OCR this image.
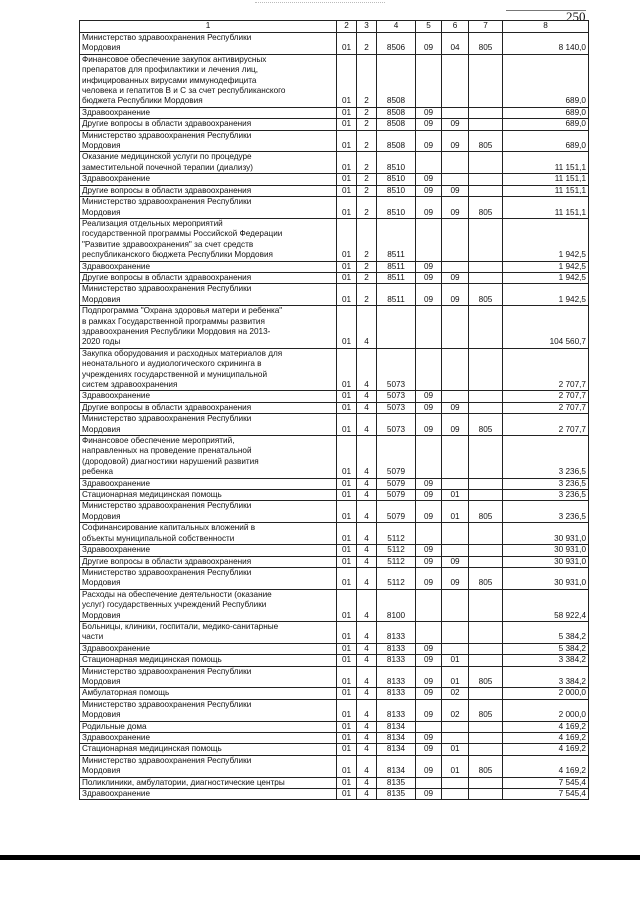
250
1	2	3	4	5	6	7	8
Министерство здравоохранения Республики
Мордовия	01	2	8506	09	04	805	8 140,0
Финансовое обеспечение закупок антивирусных
препаратов для профилактики и лечения лиц,
инфицированных вирусами иммунодефицита
человека и гепатитов В и С за счет республиканского
бюджета Республики Мордовия	01	2	8508				689,0
Здравоохранение	01	2	8508	09			689,0
Другие вопросы в области здравоохранения	01	2	8508	09	09		689,0
Министерство здравоохранения Республики
Мордовия	01	2	8508	09	09	805	689,0
Оказание медицинской услуги по процедуре
заместительной почечной терапии (диализу)	01	2	8510				11 151,1
Здравоохранение	01	2	8510	09			11 151,1
Другие вопросы в области здравоохранения	01	2	8510	09	09		11 151,1
Министерство здравоохранения Республики
Мордовия	01	2	8510	09	09	805	11 151,1
Реализация отдельных мероприятий
государственной программы Российской Федерации
"Развитие здравоохранения" за счет средств
республиканского бюджета Республики Мордовия	01	2	8511				1 942,5
Здравоохранение	01	2	8511	09			1 942,5
Другие вопросы в области здравоохранения	01	2	8511	09	09		1 942,5
Министерство здравоохранения Республики
Мордовия	01	2	8511	09	09	805	1 942,5
Подпрограмма "Охрана здоровья матери и ребенка"
в рамках Государственной программы развития
здравоохранения Республики Мордовия на 2013-
2020 годы	01	4					104 560,7
Закупка оборудования и расходных материалов для
неонатального и аудиологического скрининга в
учреждениях государственной и муниципальной
систем здравоохранения	01	4	5073				2 707,7
Здравоохранение	01	4	5073	09			2 707,7
Другие вопросы в области здравоохранения	01	4	5073	09	09		2 707,7
Министерство здравоохранения Республики
Мордовия	01	4	5073	09	09	805	2 707,7
Финансовое обеспечение мероприятий,
направленных на проведение пренатальной
(дородовой) диагностики нарушений развития
ребенка	01	4	5079				3 236,5
Здравоохранение	01	4	5079	09			3 236,5
Стационарная медицинская помощь	01	4	5079	09	01		3 236,5
Министерство здравоохранения Республики
Мордовия	01	4	5079	09	01	805	3 236,5
Софинансирование капитальных вложений в
объекты муниципальной собственности	01	4	5112				30 931,0
Здравоохранение	01	4	5112	09			30 931,0
Другие вопросы в области здравоохранения	01	4	5112	09	09		30 931,0
Министерство здравоохранения Республики
Мордовия	01	4	5112	09	09	805	30 931,0
Расходы на обеспечение деятельности (оказание
услуг) государственных учреждений Республики
Мордовия	01	4	8100				58 922,4
Больницы, клиники, госпитали, медико-санитарные
части	01	4	8133				5 384,2
Здравоохранение	01	4	8133	09			5 384,2
Стационарная медицинская помощь	01	4	8133	09	01		3 384,2
Министерство здравоохранения Республики
Мордовия	01	4	8133	09	01	805	3 384,2
Амбулаторная помощь	01	4	8133	09	02		2 000,0
Министерство здравоохранения Республики
Мордовия	01	4	8133	09	02	805	2 000,0
Родильные дома	01	4	8134				4 169,2
Здравоохранение	01	4	8134	09			4 169,2
Стационарная медицинская помощь	01	4	8134	09	01		4 169,2
Министерство здравоохранения Республики
Мордовия	01	4	8134	09	01	805	4 169,2
Поликлиники, амбулатории, диагностические центры	01	4	8135				7 545,4
Здравоохранение	01	4	8135	09			7 545,4
